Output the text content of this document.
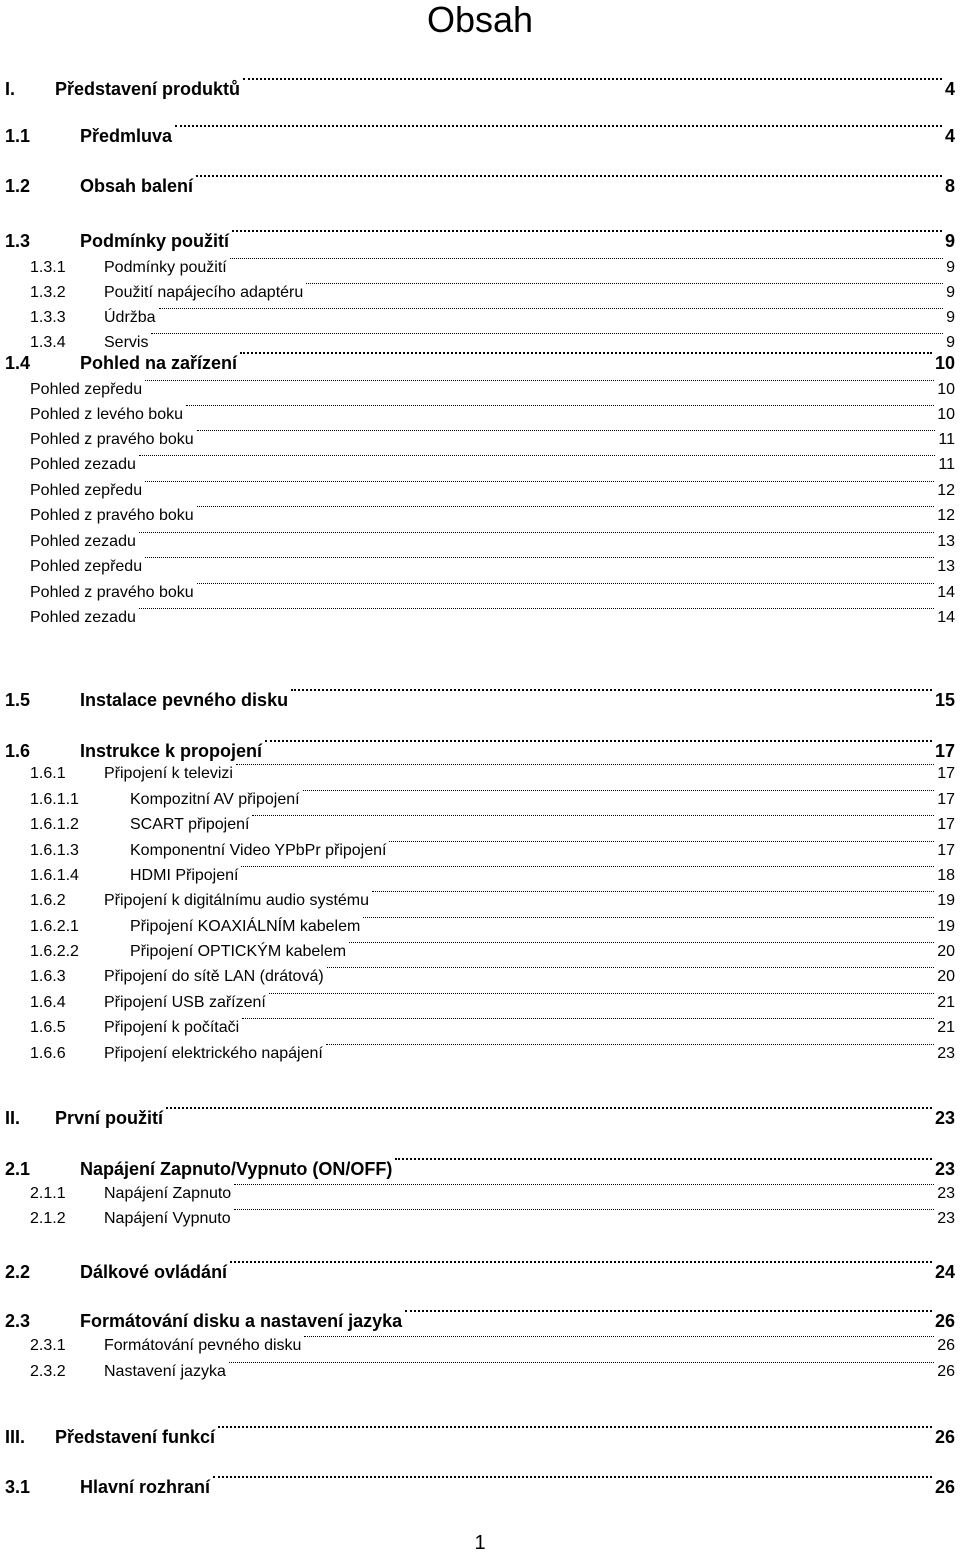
Obsah
I. Představení produktů	4
1.1	Předmluva	4
1.2	Obsah balení	8
1.3	Podmínky použití	9
1.3.1 Podmínky použití	9
1.3.2 Použití napájecího adaptéru	9
1.3.3 Údržba	9
1.3.4 Servis	9
1.4	Pohled na zařízení	10
Pohled zepředu	10
Pohled z levého boku	10
Pohled z pravého boku	11
Pohled zezadu	11
Pohled zepředu	12
Pohled z pravého boku	12
Pohled zezadu	13
Pohled zepředu	13
Pohled z pravého boku	14
Pohled zezadu	14
1.5	Instalace pevného disku	15
1.6	Instrukce k propojení	17
1.6.1 Připojení k televizi	17
1.6.1.1	Kompozitní AV připojení	17
1.6.1.2	SCART připojení	17
1.6.1.3	Komponentní Video YPbPr připojení	17
1.6.1.4	HDMI Připojení	18
1.6.2 Připojení k digitálnímu audio systému	19
1.6.2.1	Připojení KOAXIÁLNÍM kabelem	19
1.6.2.2	Připojení OPTICKÝM kabelem	20
1.6.3 Připojení do sítě LAN (drátová)	20
1.6.4 Připojení USB zařízení	21
1.6.5 Připojení k počítači	21
1.6.6 Připojení elektrického napájení	23
II. První použití	23
2.1	Napájení Zapnuto/Vypnuto (ON/OFF)	23
2.1.1 Napájení Zapnuto	23
2.1.2 Napájení Vypnuto	23
2.2	Dálkové ovládání	24
2.3	Formátování disku a nastavení jazyka	26
2.3.1 Formátování pevného disku	26
2.3.2 Nastavení jazyka	26
III. Představení funkcí	26
3.1	Hlavní rozhraní	26
1
